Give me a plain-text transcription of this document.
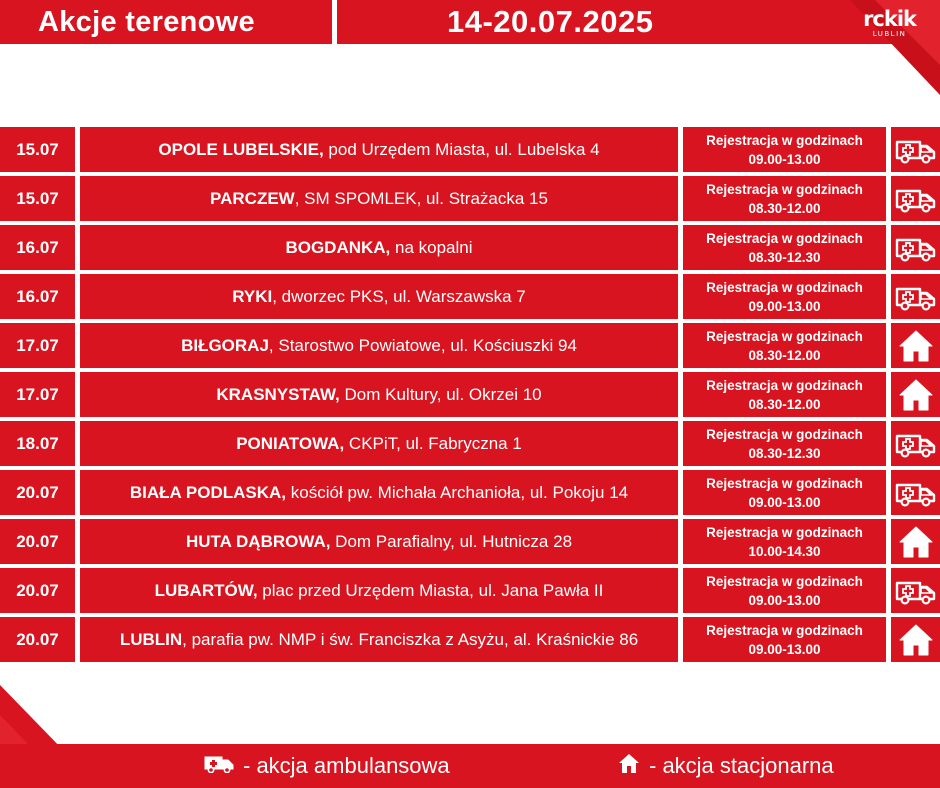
Akcje terenowe	14-20.07.2025	rckik
LUBLIN
15.07	OPOLE LUBELSKIE, pod Urzędem Miasta, ul. Lubelska 4	Rejestracja w godzinach
09.00-13.00
15.07	PARCZEW , SM SPOMLEK, ul. Strażacka 15	Rejestracja w godzinach
08.30-12.00
16.07	BOGDANKA, na kopalni	Rejestracja w godzinach
08.30-12.30
16.07	RYKI , dworzec PKS, ul. Warszawska 7	Rejestracja w godzinach
09.00-13.00
17.07	BIŁGORAJ , Starostwo Powiatowe, ul. Kościuszki 94	Rejestracja w godzinach
08.30-12.00
17.07	KRASNYSTAW, Dom Kultury, ul. Okrzei 10	Rejestracja w godzinach
08.30-12.00
18.07	PONIATOWA, CKPiT, ul. Fabryczna 1	Rejestracja w godzinach
08.30-12.30
20.07	BIAŁA PODLASKA, kościół pw. Michała Archanioła, ul. Pokoju 14	Rejestracja w godzinach
09.00-13.00
20.07	HUTA DĄBROWA, Dom Parafialny, ul. Hutnicza 28	Rejestracja w godzinach
10.00-14.30
20.07	LUBARTÓW, plac przed Urzędem Miasta, ul. Jana Pawła II	Rejestracja w godzinach
09.00-13.00
20.07	LUBLIN , parafia pw. NMP i św. Franciszka z Asyżu, al. Kraśnickie 86	Rejestracja w godzinach
09.00-13.00
- akcja ambulansowa	- akcja stacjonarna
